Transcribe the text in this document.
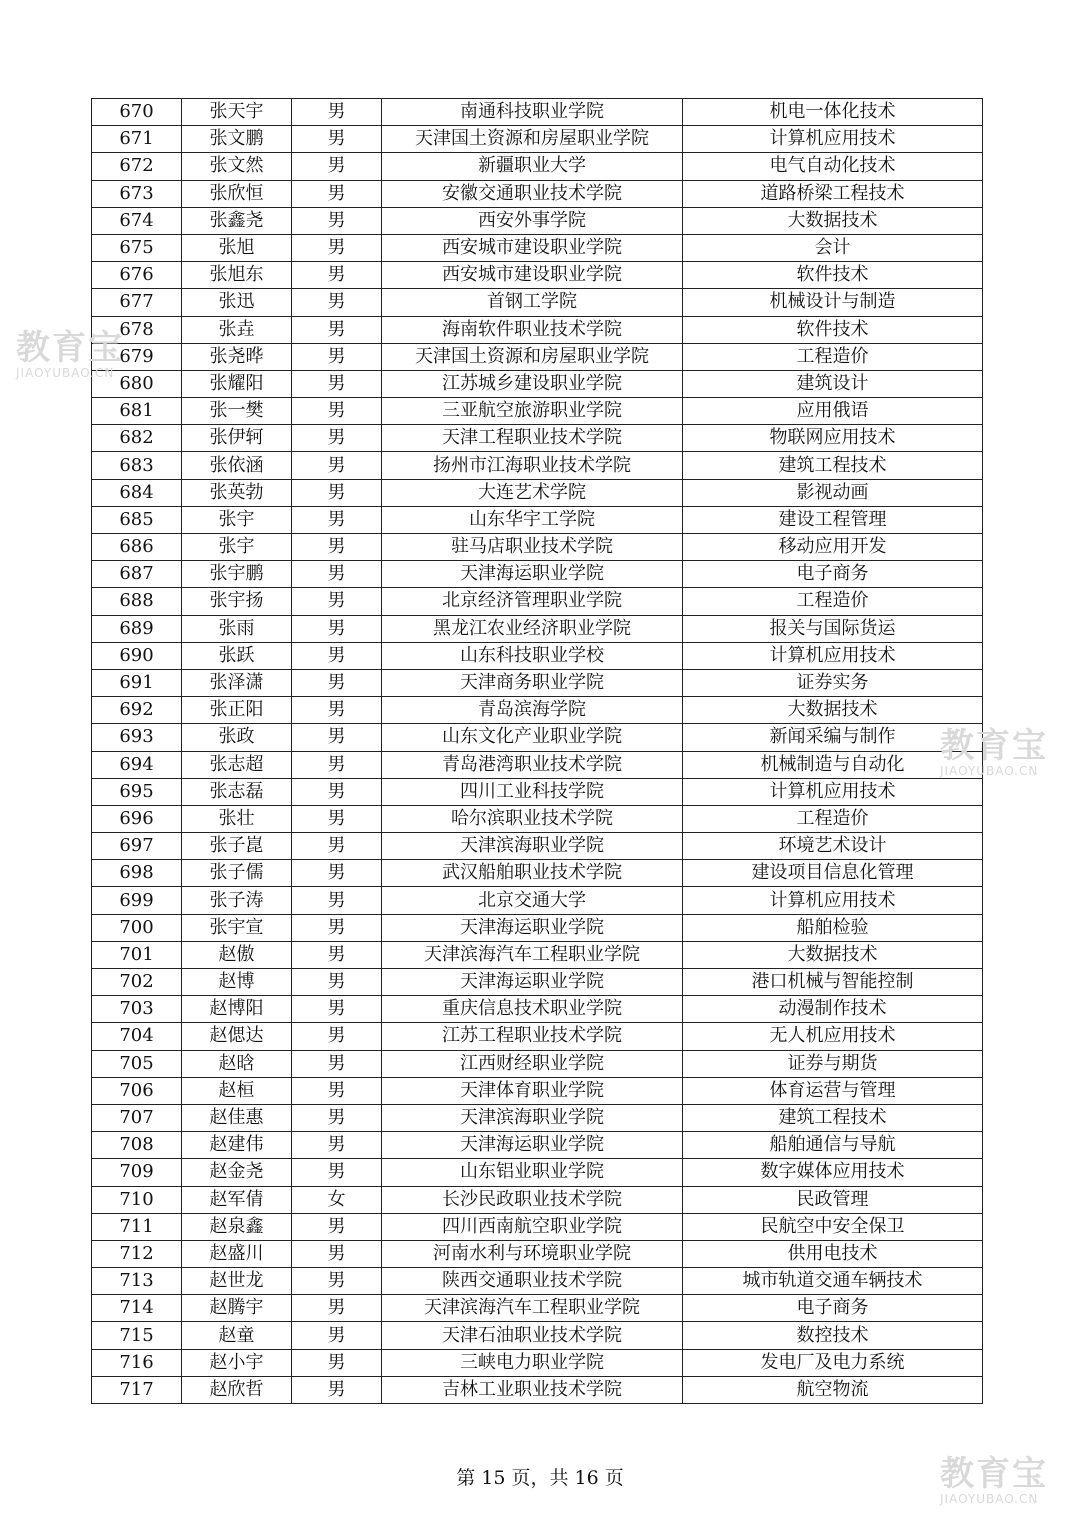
670	张天宇	男	南通科技职业学院	机电一体化技术
671	张文鹏	男	天津国土资源和房屋职业学院	计算机应用技术
672	张文然	男	新疆职业大学	电气自动化技术
673	张欣恒	男	安徽交通职业技术学院	道路桥梁工程技术
674	张鑫尧	男	西安外事学院	大数据技术
675	张旭	男	西安城市建设职业学院	会计
676	张旭东	男	西安城市建设职业学院	软件技术
677	张迅	男	首钢工学院	机械设计与制造
678	张垚	男	海南软件职业技术学院	软件技术
679	张尧晔	男	天津国土资源和房屋职业学院	工程造价
680	张耀阳	男	江苏城乡建设职业学院	建筑设计
681	张一樊	男	三亚航空旅游职业学院	应用俄语
682	张伊轲	男	天津工程职业技术学院	物联网应用技术
683	张依涵	男	扬州市江海职业技术学院	建筑工程技术
684	张英勃	男	大连艺术学院	影视动画
685	张宇	男	山东华宇工学院	建设工程管理
686	张宇	男	驻马店职业技术学院	移动应用开发
687	张宇鹏	男	天津海运职业学院	电子商务
688	张宇扬	男	北京经济管理职业学院	工程造价
689	张雨	男	黑龙江农业经济职业学院	报关与国际货运
690	张跃	男	山东科技职业学校	计算机应用技术
691	张泽潇	男	天津商务职业学院	证券实务
692	张正阳	男	青岛滨海学院	大数据技术
693	张政	男	山东文化产业职业学院	新闻采编与制作
694	张志超	男	青岛港湾职业技术学院	机械制造与自动化
695	张志磊	男	四川工业科技学院	计算机应用技术
696	张壮	男	哈尔滨职业技术学院	工程造价
697	张子崑	男	天津滨海职业学院	环境艺术设计
698	张子儒	男	武汉船舶职业技术学院	建设项目信息化管理
699	张子涛	男	北京交通大学	计算机应用技术
700	张宇宣	男	天津海运职业学院	船舶检验
701	赵傲	男	天津滨海汽车工程职业学院	大数据技术
702	赵博	男	天津海运职业学院	港口机械与智能控制
703	赵博阳	男	重庆信息技术职业学院	动漫制作技术
704	赵偲达	男	江苏工程职业技术学院	无人机应用技术
705	赵晗	男	江西财经职业学院	证券与期货
706	赵桓	男	天津体育职业学院	体育运营与管理
707	赵佳惠	男	天津滨海职业学院	建筑工程技术
708	赵建伟	男	天津海运职业学院	船舶通信与导航
709	赵金尧	男	山东铝业职业学院	数字媒体应用技术
710	赵军倩	女	长沙民政职业技术学院	民政管理
711	赵泉鑫	男	四川西南航空职业学院	民航空中安全保卫
712	赵盛川	男	河南水利与环境职业学院	供用电技术
713	赵世龙	男	陕西交通职业技术学院	城市轨道交通车辆技术
714	赵腾宇	男	天津滨海汽车工程职业学院	电子商务
715	赵童	男	天津石油职业技术学院	数控技术
716	赵小宇	男	三峡电力职业学院	发电厂及电力系统
717	赵欣哲	男	吉林工业职业技术学院	航空物流
第 15 页，共 16 页
教育宝
JIAOYUBAO.CN
教育宝
JIAOYUBAO.CN
教育宝
JIAOYUBAO.CN
